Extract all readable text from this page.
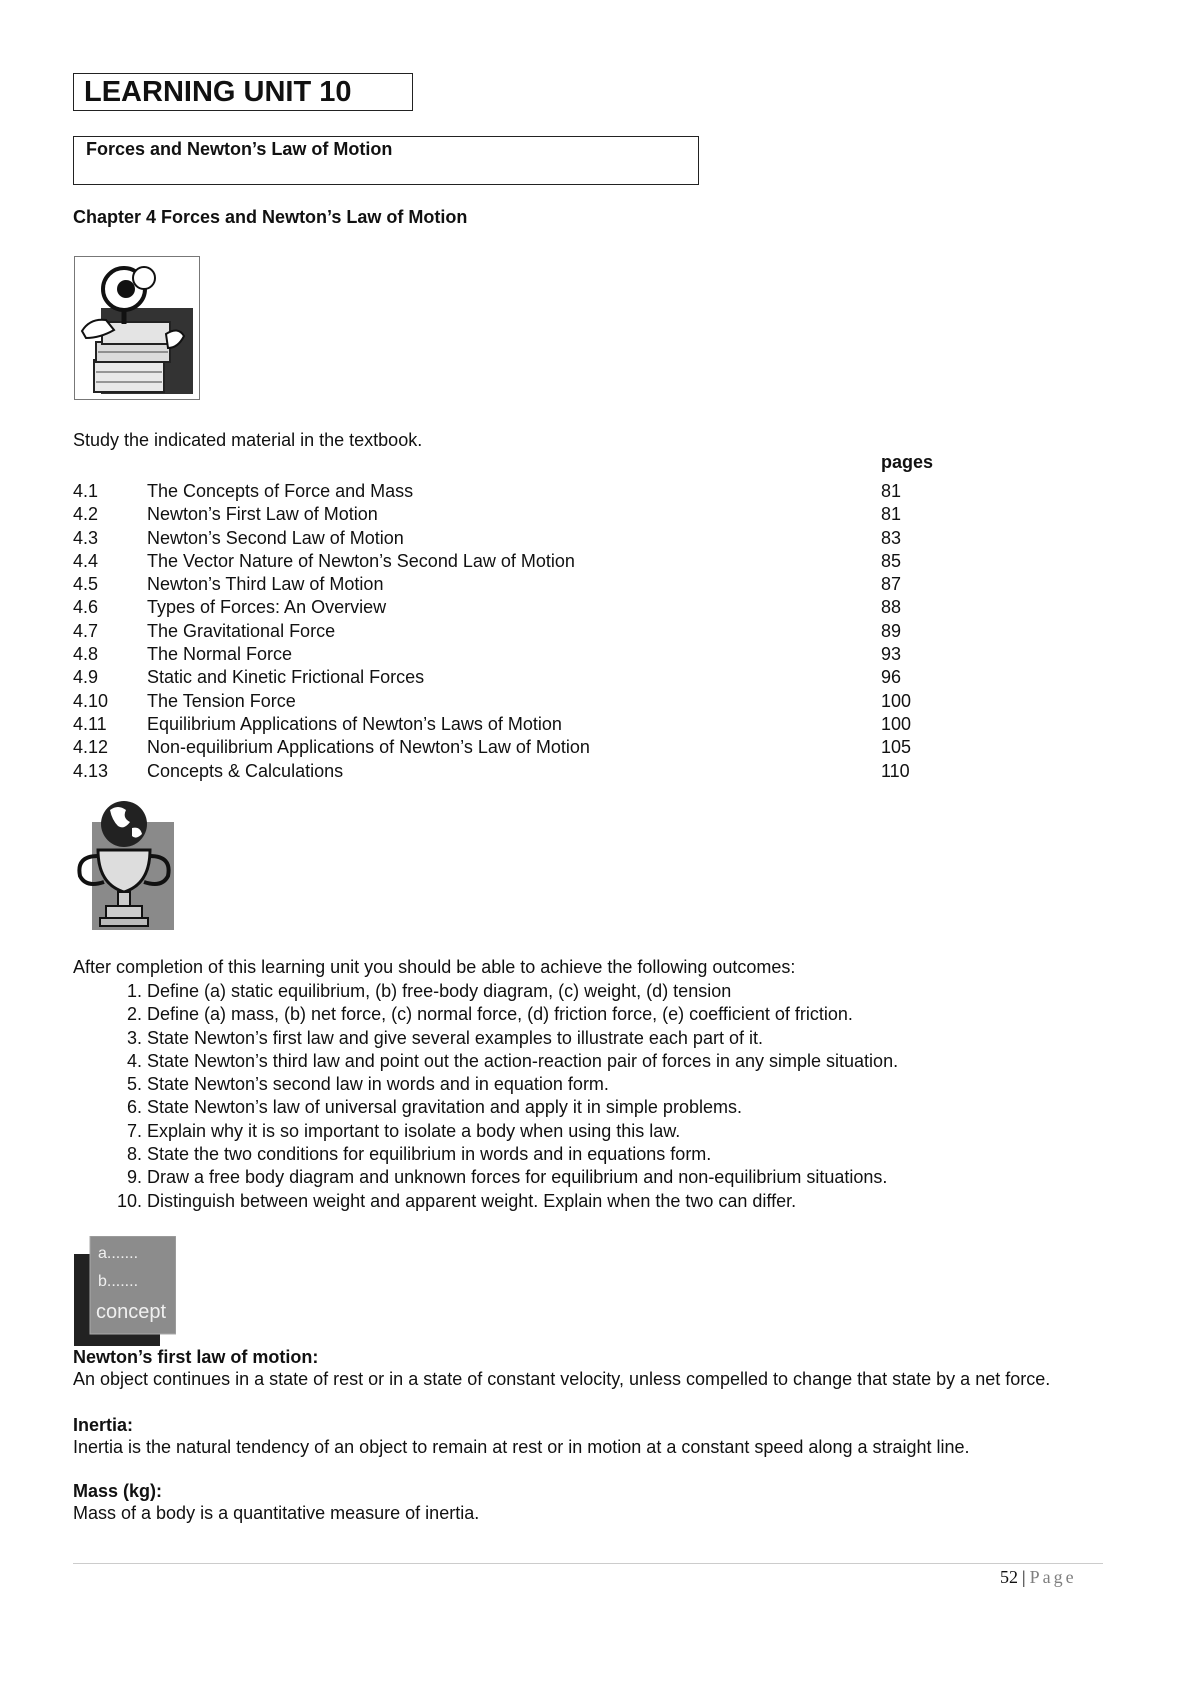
LEARNING UNIT 10
Forces and Newton’s Law of Motion
Chapter 4 Forces and Newton’s Law of Motion
Study the indicated material in the textbook.
pages
4.1	The Concepts of Force and Mass	81
4.2	Newton’s First Law of Motion	81
4.3	Newton’s Second Law of Motion	83
4.4	The Vector Nature of Newton’s Second Law of Motion	85
4.5	Newton’s Third Law of Motion	87
4.6	Types of Forces: An Overview	88
4.7	The Gravitational Force	89
4.8	The Normal Force	93
4.9	Static and Kinetic Frictional Forces	96
4.10 The Tension Force	100
4.11 Equilibrium Applications of Newton’s Laws of Motion	100
4.12 Non-equilibrium Applications of Newton’s Law of Motion	105
4.13 Concepts & Calculations	110
After completion of this learning unit you should be able to achieve the following outcomes:
1. Define (a) static equilibrium, (b) free-body diagram, (c) weight, (d) tension
2. Define (a) mass, (b) net force, (c) normal force, (d) friction force, (e) coefficient of friction.
3. State Newton’s first law and give several examples to illustrate each part of it.
4. State Newton’s third law and point out the action-reaction pair of forces in any simple situation.
5. State Newton’s second law in words and in equation form.
6. State Newton’s law of universal gravitation and apply it in simple problems.
7. Explain why it is so important to isolate a body when using this law.
8. State the two conditions for equilibrium in words and in equations form.
9. Draw a free body diagram and unknown forces for equilibrium and non-equilibrium situations.
10. Distinguish between weight and apparent weight. Explain when the two can differ.
a.......
b.......
concept
Newton’s first law of motion:
An object continues in a state of rest or in a state of constant velocity, unless compelled to change that state by a net force.
Inertia:
Inertia is the natural tendency of an object to remain at rest or in motion at a constant speed along a straight line.
Mass (kg):
Mass of a body is a quantitative measure of inertia.
52 | Page
